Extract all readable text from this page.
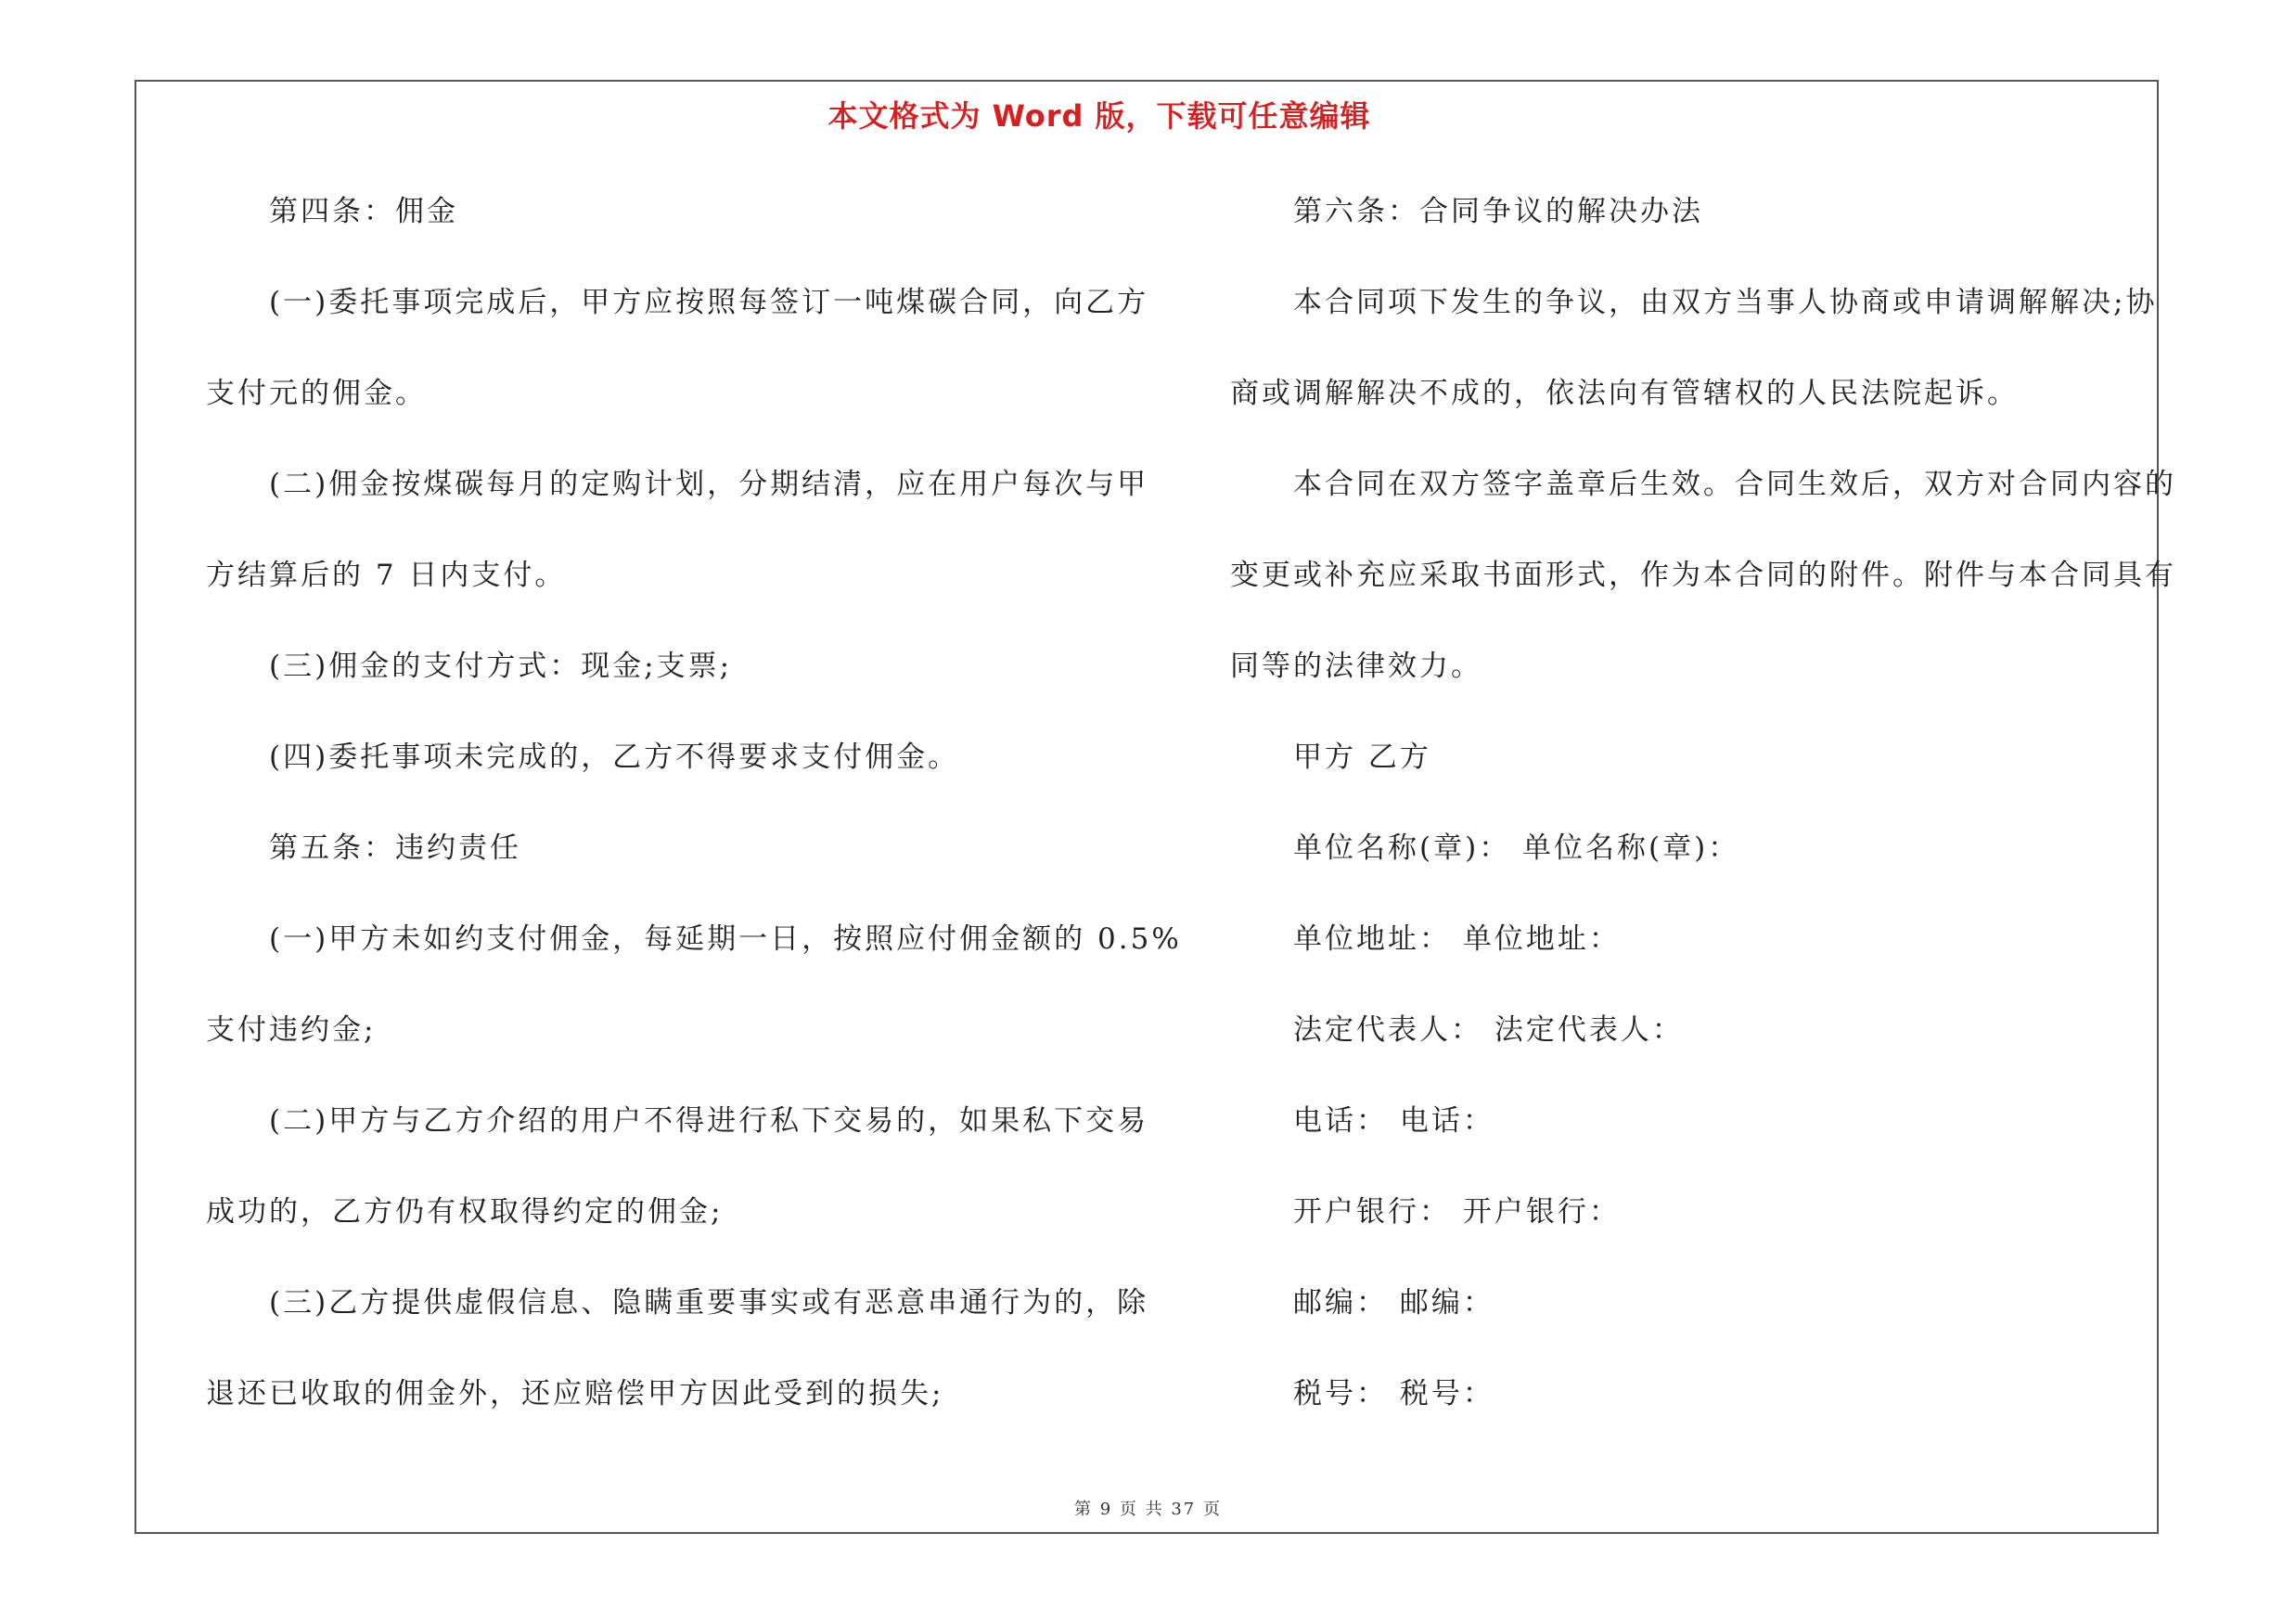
本文格式为 Word 版，下载可任意编辑
第四条：佣金
(一)委托事项完成后，甲方应按照每签订一吨煤碳合同，向乙方
支付元的佣金。
(二)佣金按煤碳每月的定购计划，分期结清，应在用户每次与甲
方结算后的 7 日内支付。
(三)佣金的支付方式：现金;支票;
(四)委托事项未完成的，乙方不得要求支付佣金。
第五条：违约责任
(一)甲方未如约支付佣金，每延期一日，按照应付佣金额的 0.5%
支付违约金;
(二)甲方与乙方介绍的用户不得进行私下交易的，如果私下交易
成功的，乙方仍有权取得约定的佣金;
(三)乙方提供虚假信息、隐瞒重要事实或有恶意串通行为的，除
退还已收取的佣金外，还应赔偿甲方因此受到的损失;
第六条：合同争议的解决办法
本合同项下发生的争议，由双方当事人协商或申请调解解决;协
商或调解解决不成的，依法向有管辖权的人民法院起诉。
本合同在双方签字盖章后生效。合同生效后，双方对合同内容的
变更或补充应采取书面形式，作为本合同的附件。附件与本合同具有
同等的法律效力。
甲方 乙方
单位名称(章)： 单位名称(章)：
单位地址： 单位地址：
法定代表人： 法定代表人：
电话： 电话：
开户银行： 开户银行：
邮编： 邮编：
税号： 税号：
第 9 页 共 37 页
